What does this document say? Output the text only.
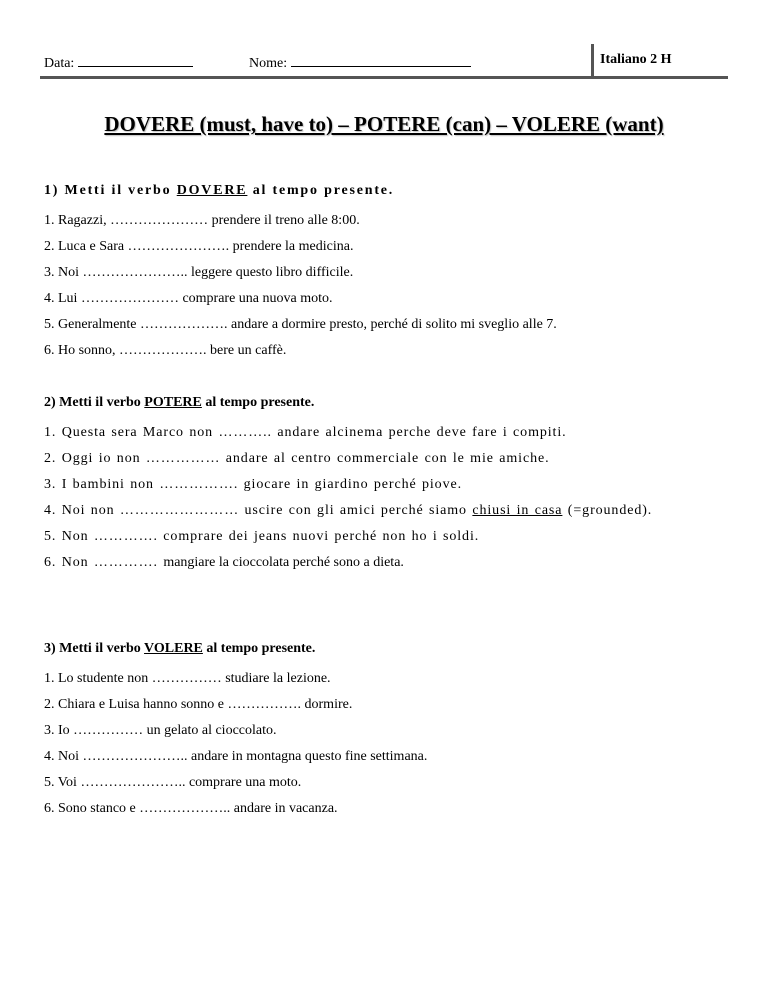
Data:	Nome:	Italiano 2 H
DOVERE (must, have to) – POTERE (can) – VOLERE (want)
1) Metti il verbo DOVERE al tempo presente.
1. Ragazzi, ………………… prendere il treno alle 8:00.
2. Luca e Sara …………………. prendere la medicina.
3. Noi ………………….. leggere questo libro difficile.
4. Lui ………………… comprare una nuova moto.
5. Generalmente ………………. andare a dormire presto, perché di solito mi sveglio alle 7.
6. Ho sonno, ………………. bere un caffè.
2) Metti il verbo POTERE al tempo presente.
1. Questa sera Marco non ……….. andare alcinema perche deve fare i compiti.
2. Oggi io non …………… andare al centro commerciale con le mie amiche.
3. I bambini non ……………. giocare in giardino perché piove.
4. Noi non …………………… uscire con gli amici perché siamo chiusi in casa (=grounded).
5. Non …………. comprare dei jeans nuovi perché non ho i soldi.
6. Non …………. mangiare la cioccolata perché sono a dieta.
3) Metti il verbo VOLERE al tempo presente.
1. Lo studente non …………… studiare la lezione.
2. Chiara e Luisa hanno sonno e ……………. dormire.
3. Io …………… un gelato al cioccolato.
4. Noi ………………….. andare in montagna questo fine settimana.
5. Voi ………………….. comprare una moto.
6. Sono stanco e ……………….. andare in vacanza.
